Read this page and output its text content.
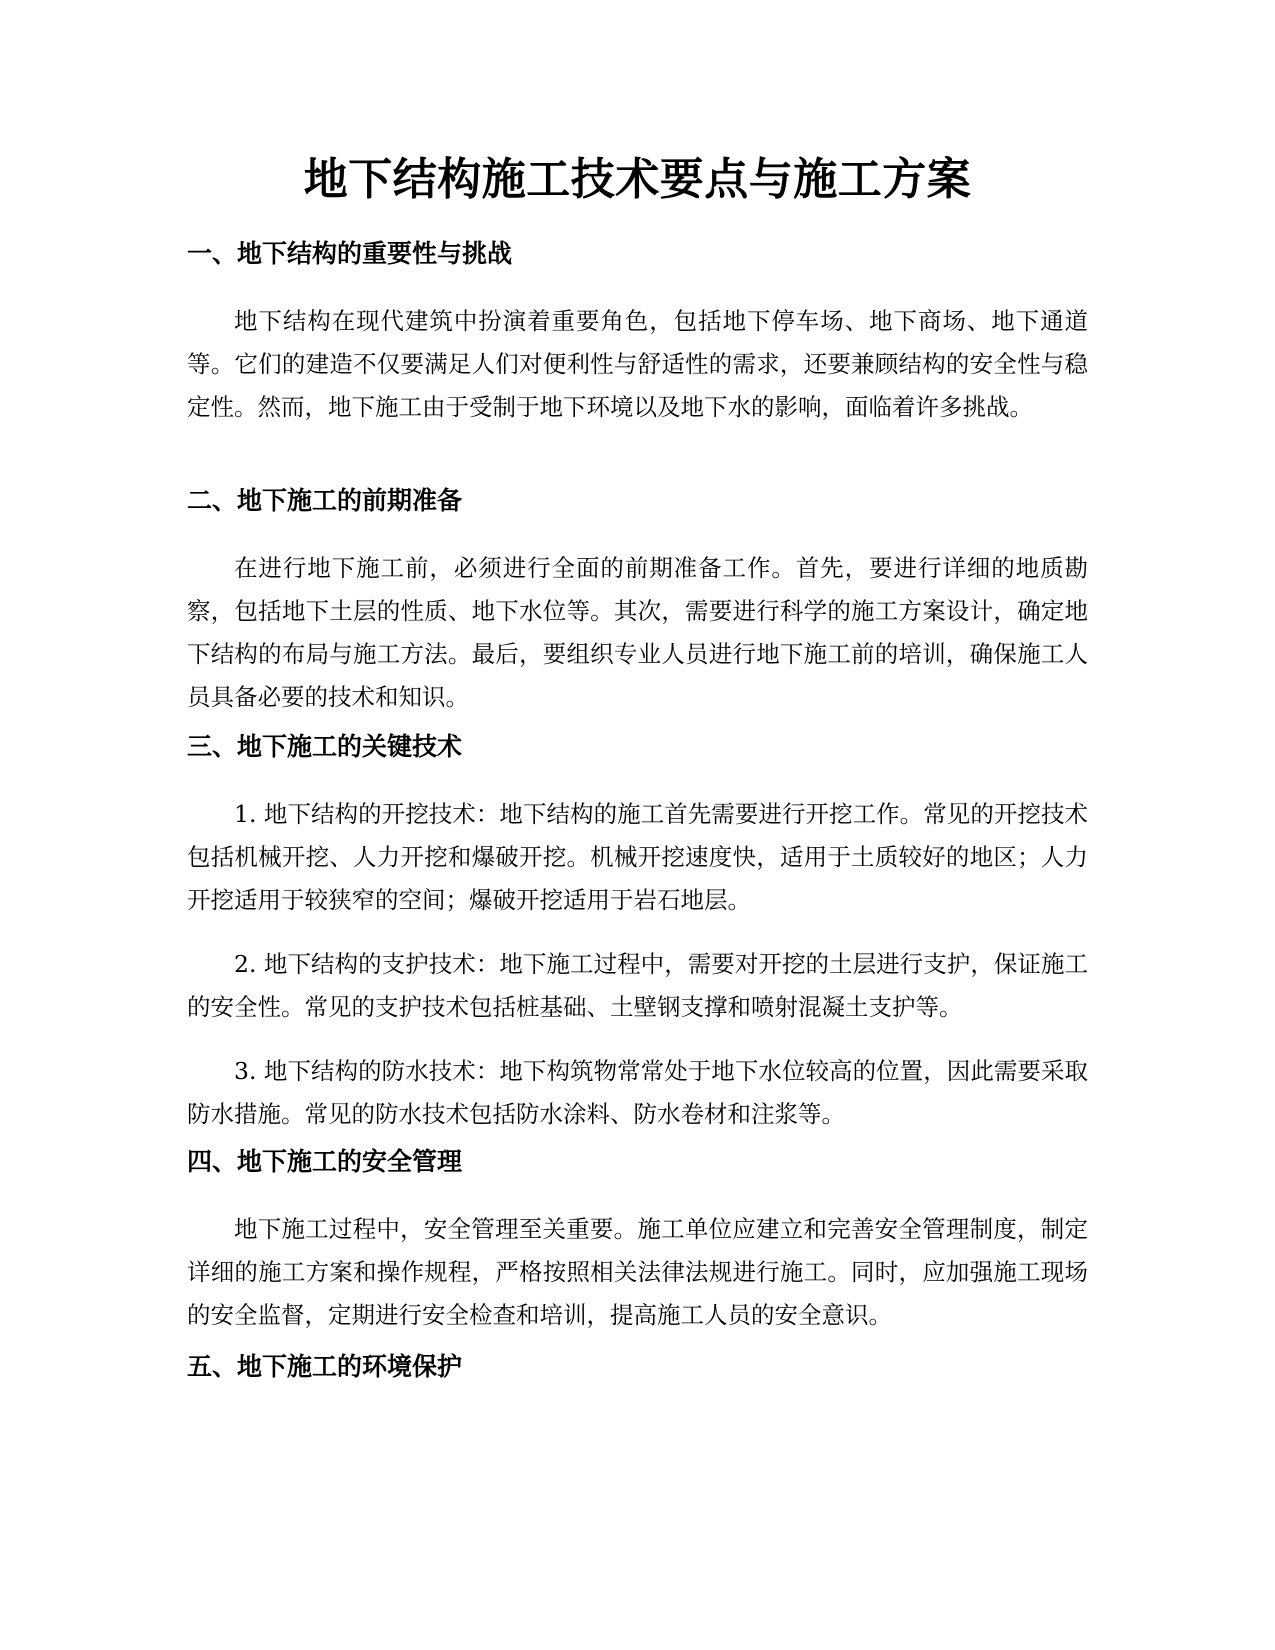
地下结构施工技术要点与施工方案
一、地下结构的重要性与挑战

地下结构在现代建筑中扮演着重要角色，包括地下停车场、地下商场、地下通道等。它们的建造不仅要满足人们对便利性与舒适性的需求，还要兼顾结构的安全性与稳定性。然而，地下施工由于受制于地下环境以及地下水的影响，面临着许多挑战。

二、地下施工的前期准备

在进行地下施工前，必须进行全面的前期准备工作。首先，要进行详细的地质勘察，包括地下土层的性质、地下水位等。其次，需要进行科学的施工方案设计，确定地下结构的布局与施工方法。最后，要组织专业人员进行地下施工前的培训，确保施工人员具备必要的技术和知识。

三、地下施工的关键技术

1. 地下结构的开挖技术：地下结构的施工首先需要进行开挖工作。常见的开挖技术包括机械开挖、人力开挖和爆破开挖。机械开挖速度快，适用于土质较好的地区；人力开挖适用于较狭窄的空间；爆破开挖适用于岩石地层。

2. 地下结构的支护技术：地下施工过程中，需要对开挖的土层进行支护，保证施工的安全性。常见的支护技术包括桩基础、土壁钢支撑和喷射混凝土支护等。

3. 地下结构的防水技术：地下构筑物常常处于地下水位较高的位置，因此需要采取防水措施。常见的防水技术包括防水涂料、防水卷材和注浆等。

四、地下施工的安全管理

地下施工过程中，安全管理至关重要。施工单位应建立和完善安全管理制度，制定详细的施工方案和操作规程，严格按照相关法律法规进行施工。同时，应加强施工现场的安全监督，定期进行安全检查和培训，提高施工人员的安全意识。

五、地下施工的环境保护
